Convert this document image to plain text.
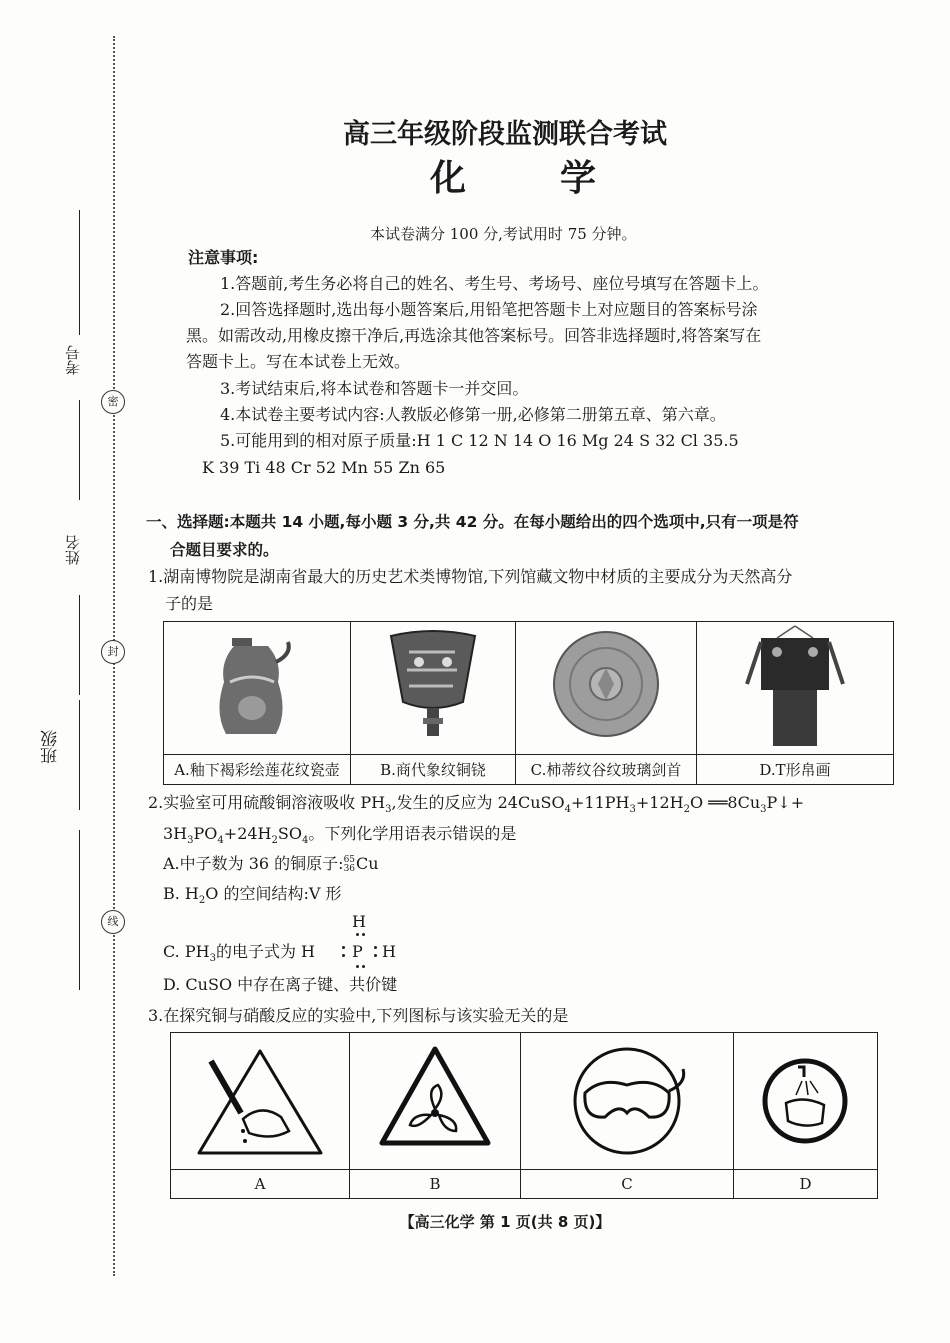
密
封
线
考号
姓名
班级
高三年级阶段监测联合考试
化	学
本试卷满分 100 分,考试用时 75 分钟。
注意事项:
1.答题前,考生务必将自己的姓名、考生号、考场号、座位号填写在答题卡上。
2.回答选择题时,选出每小题答案后,用铅笔把答题卡上对应题目的答案标号涂
黑。如需改动,用橡皮擦干净后,再选涂其他答案标号。回答非选择题时,将答案写在
答题卡上。写在本试卷上无效。
3.考试结束后,将本试卷和答题卡一并交回。
4.本试卷主要考试内容:人教版必修第一册,必修第二册第五章、第六章。
5.可能用到的相对原子质量:H 1 C 12 N 14 O 16 Mg 24 S 32 Cl 35.5
K 39 Ti 48 Cr 52 Mn 55 Zn 65
一、选择题:本题共 14 小题,每小题 3 分,共 42 分。在每小题给出的四个选项中,只有一项是符
合题目要求的。
1.湖南博物院是湖南省最大的历史艺术类博物馆,下列馆藏文物中材质的主要成分为天然高分
子的是

A.釉下褐彩绘莲花纹瓷壶	B.商代象纹铜铙	C.柿蒂纹谷纹玻璃剑首	D.T形帛画
2.实验室可用硫酸铜溶液吸收 $PH_3$,发生的反应为 $24CuSO_4+11PH_3+12H_2O$ $══8Cu_3P↓+$
$3H_3PO_4+24H_2SO_4$。下列化学用语表示错误的是
A.中子数为 36 的铜原子:65
36Cu
B. $H_2O$ 的空间结构:V 形
H
C. $PH_3$的电子式为 H P H
D. CuSO 中存在离子键、共价键
3.在探究铜与硝酸反应的实验中,下列图标与该实验无关的是

A	B	C	D
【高三化学 第 1 页(共 8 页)】
